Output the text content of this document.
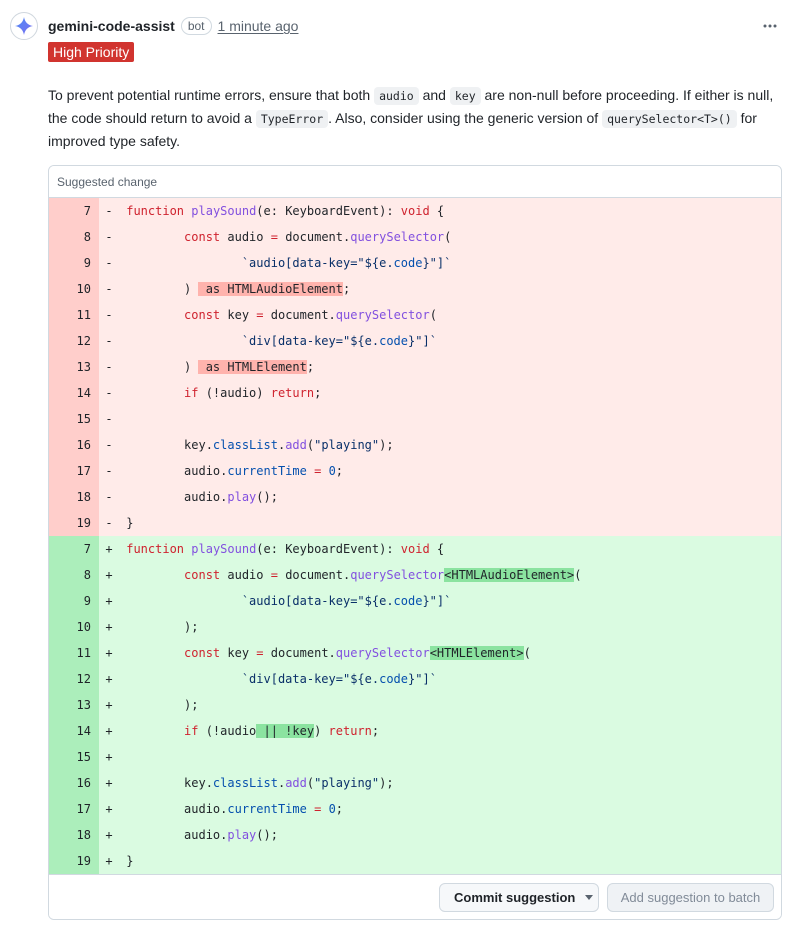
gemini-code-assist	bot 1 minute ago
High Priority
To prevent potential runtime errors, ensure that both audio and key are non-null before proceeding. If either is null, the code should return to avoid a TypeError . Also, consider using the generic version of querySelector<T>() for improved type safety.
Suggested change
7	-	function playSound(e: KeyboardEvent): void {
8	-	const audio = document.querySelector(
9	-	`audio[data-key="${e.code}"]`
10	- )  as HTMLAudioElement;
11	-	const key = document.querySelector(
12	-	`div[data-key="${e.code}"]`
13	- )  as HTMLElement;
14	-	if (!audio) return;
15	-
16	- key.classList.add("playing");
17	- audio.currentTime = 0;
18	- audio.play();
19	- }
7	+	function playSound(e: KeyboardEvent): void {
8	+	const audio = document.querySelector<HTMLAudioElement>(
9	+	`audio[data-key="${e.code}"]`
10	+ );
11	+	const key = document.querySelector<HTMLElement>(
12	+	`div[data-key="${e.code}"]`
13	+ );
14	+	if (!audio || !key) return;
15	+
16	+ key.classList.add("playing");
17	+ audio.currentTime = 0;
18	+ audio.play();
19	+ }
Commit suggestion	Add suggestion to batch
